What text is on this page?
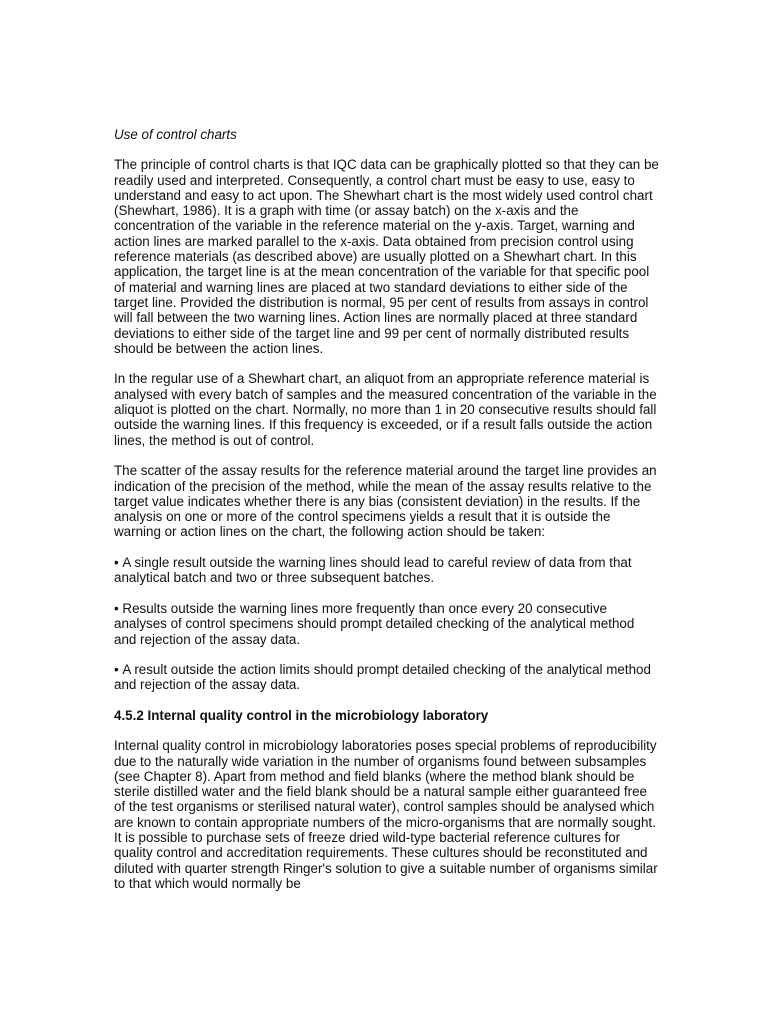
Use of control charts

The principle of control charts is that IQC data can be graphically plotted so that they can be readily used and interpreted. Consequently, a control chart must be easy to use, easy to understand and easy to act upon. The Shewhart chart is the most widely used control chart (Shewhart, 1986). It is a graph with time (or assay batch) on the x-axis and the concentration of the variable in the reference material on the y-axis. Target, warning and action lines are marked parallel to the x-axis. Data obtained from precision control using reference materials (as described above) are usually plotted on a Shewhart chart. In this application, the target line is at the mean concentration of the variable for that specific pool of material and warning lines are placed at two standard deviations to either side of the target line. Provided the distribution is normal, 95 per cent of results from assays in control will fall between the two warning lines. Action lines are normally placed at three standard deviations to either side of the target line and 99 per cent of normally distributed results should be between the action lines.

In the regular use of a Shewhart chart, an aliquot from an appropriate reference material is analysed with every batch of samples and the measured concentration of the variable in the aliquot is plotted on the chart. Normally, no more than 1 in 20 consecutive results should fall outside the warning lines. If this frequency is exceeded, or if a result falls outside the action lines, the method is out of control.

The scatter of the assay results for the reference material around the target line provides an indication of the precision of the method, while the mean of the assay results relative to the target value indicates whether there is any bias (consistent deviation) in the results. If the analysis on one or more of the control specimens yields a result that it is outside the warning or action lines on the chart, the following action should be taken:

• A single result outside the warning lines should lead to careful review of data from that analytical batch and two or three subsequent batches.

• Results outside the warning lines more frequently than once every 20 consecutive analyses of control specimens should prompt detailed checking of the analytical method and rejection of the assay data.

• A result outside the action limits should prompt detailed checking of the analytical method and rejection of the assay data.

4.5.2 Internal quality control in the microbiology laboratory

Internal quality control in microbiology laboratories poses special problems of reproducibility due to the naturally wide variation in the number of organisms found between subsamples (see Chapter 8). Apart from method and field blanks (where the method blank should be sterile distilled water and the field blank should be a natural sample either guaranteed free of the test organisms or sterilised natural water), control samples should be analysed which are known to contain appropriate numbers of the micro-organisms that are normally sought. It is possible to purchase sets of freeze dried wild-type bacterial reference cultures for quality control and accreditation requirements. These cultures should be reconstituted and diluted with quarter strength Ringer's solution to give a suitable number of organisms similar to that which would normally be
